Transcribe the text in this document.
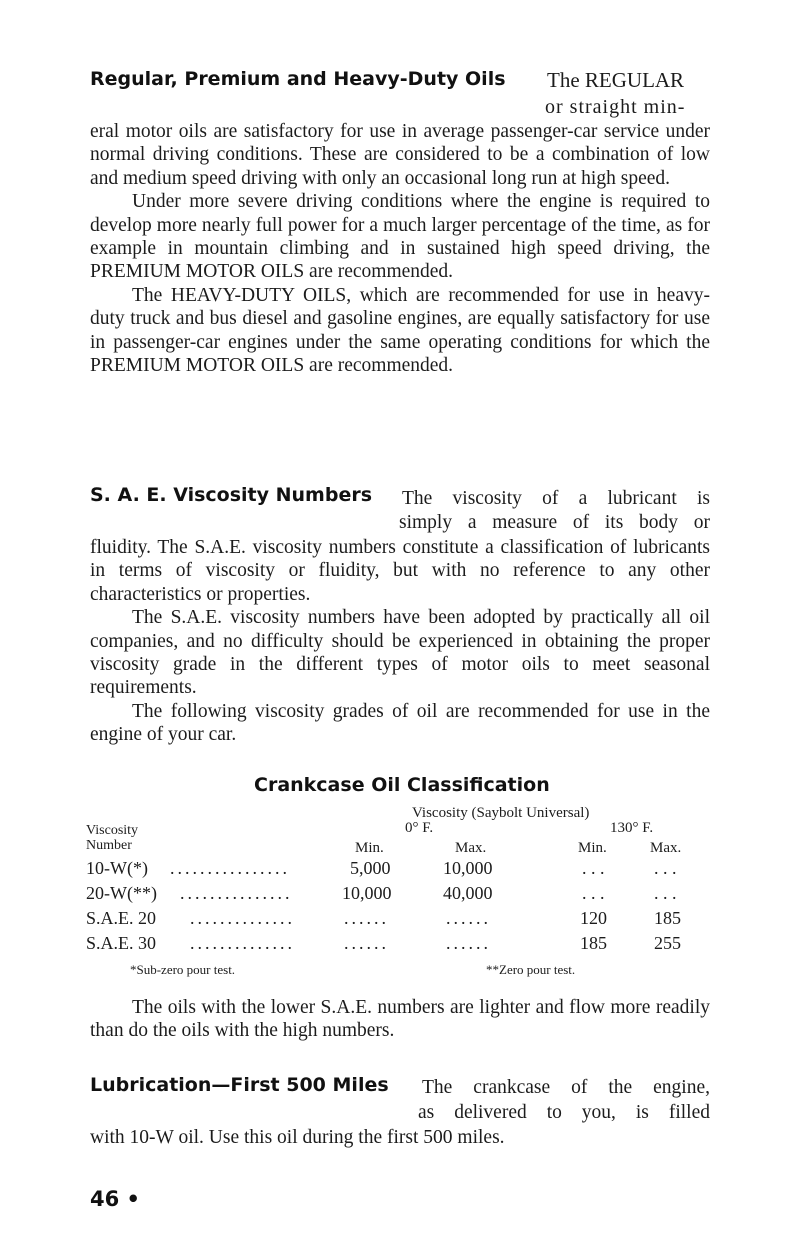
Regular, Premium and Heavy-Duty Oils The REGULAR
or straight min-

eral motor oils are satisfactory for use in average passenger-car service under normal driving conditions. These are considered to be a combination of low and medium speed driving with only an occasional long run at high speed.

Under more severe driving conditions where the engine is required to develop more nearly full power for a much larger percentage of the time, as for example in mountain climbing and in sustained high speed driving, the PREMIUM MOTOR OILS are recommended.

The HEAVY-DUTY OILS, which are recommended for use in heavy-duty truck and bus diesel and gasoline engines, are equally satisfactory for use in passenger-car engines under the same operating conditions for which the PREMIUM MOTOR OILS are recommended.

S. A. E. Viscosity Numbers The viscosity of a lubricant is
simply a measure of its body or

fluidity. The S.A.E. viscosity numbers constitute a classification of lubricants in terms of viscosity or fluidity, but with no reference to any other characteristics or properties.

The S.A.E. viscosity numbers have been adopted by practically all oil companies, and no difficulty should be experienced in obtaining the proper viscosity grade in the different types of motor oils to meet seasonal requirements.

The following viscosity grades of oil are recommended for use in the engine of your car.

Crankcase Oil Classification
Viscosity (Saybolt Universal)
0° F.	130° F.
Viscosity
Number	Min.	Max.	Min.	Max.
10-W(*) ................	5,000	10,000	. . .	. . .
20-W(**) ...............	10,000	40,000	. . .	. . .
S.A.E. 20 ..............	......	......	120	185
S.A.E. 30 ..............	......	......	185	255
*Sub-zero pour test.	**Zero pour test.

The oils with the lower S.A.E. numbers are lighter and flow more readily than do the oils with the high numbers.

Lubrication—First 500 Miles The crankcase of the engine,
as delivered to you, is filled
with 10-W oil. Use this oil during the first 500 miles.
46 •
